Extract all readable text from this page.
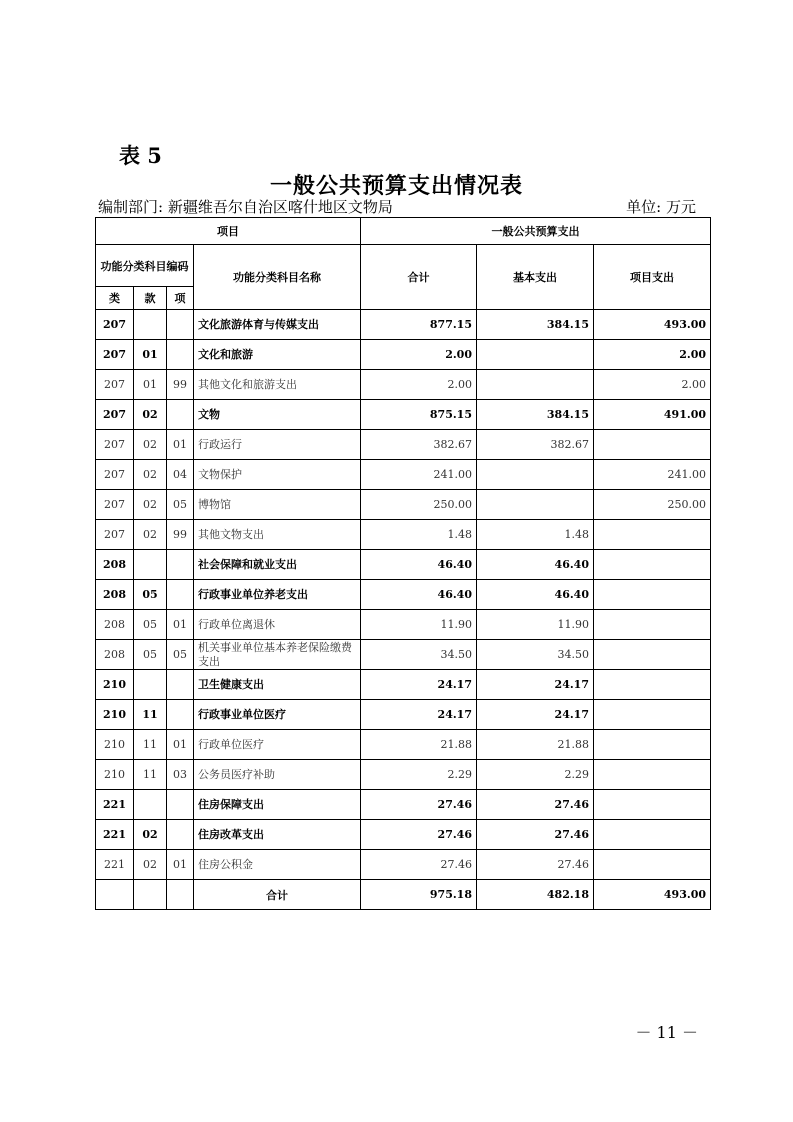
表 5
一般公共预算支出情况表
编制部门: 新疆维吾尔自治区喀什地区文物局	单位: 万元
项目				一般公共预算支出		
功能分类科目编码			功能分类科目名称	合计	基本支出	项目支出
类	款	项				
207			文化旅游体育与传媒支出	877.15	384.15	493.00
207	01		文化和旅游	2.00		2.00
207	01	99	其他文化和旅游支出	2.00		2.00
207	02		文物	875.15	384.15	491.00
207	02	01	行政运行	382.67	382.67	
207	02	04	文物保护	241.00		241.00
207	02	05	博物馆	250.00		250.00
207	02	99	其他文物支出	1.48	1.48	
208			社会保障和就业支出	46.40	46.40	
208	05		行政事业单位养老支出	46.40	46.40	
208	05	01	行政单位离退休	11.90	11.90	
208	05	05	机关事业单位基本养老保险缴费支出	34.50	34.50	
210			卫生健康支出	24.17	24.17	
210	11		行政事业单位医疗	24.17	24.17	
210	11	01	行政单位医疗	21.88	21.88	
210	11	03	公务员医疗补助	2.29	2.29	
221			住房保障支出	27.46	27.46	
221	02		住房改革支出	27.46	27.46	
221	02	01	住房公积金	27.46	27.46	
			合计	975.18	482.18	493.00
－ 11 －
